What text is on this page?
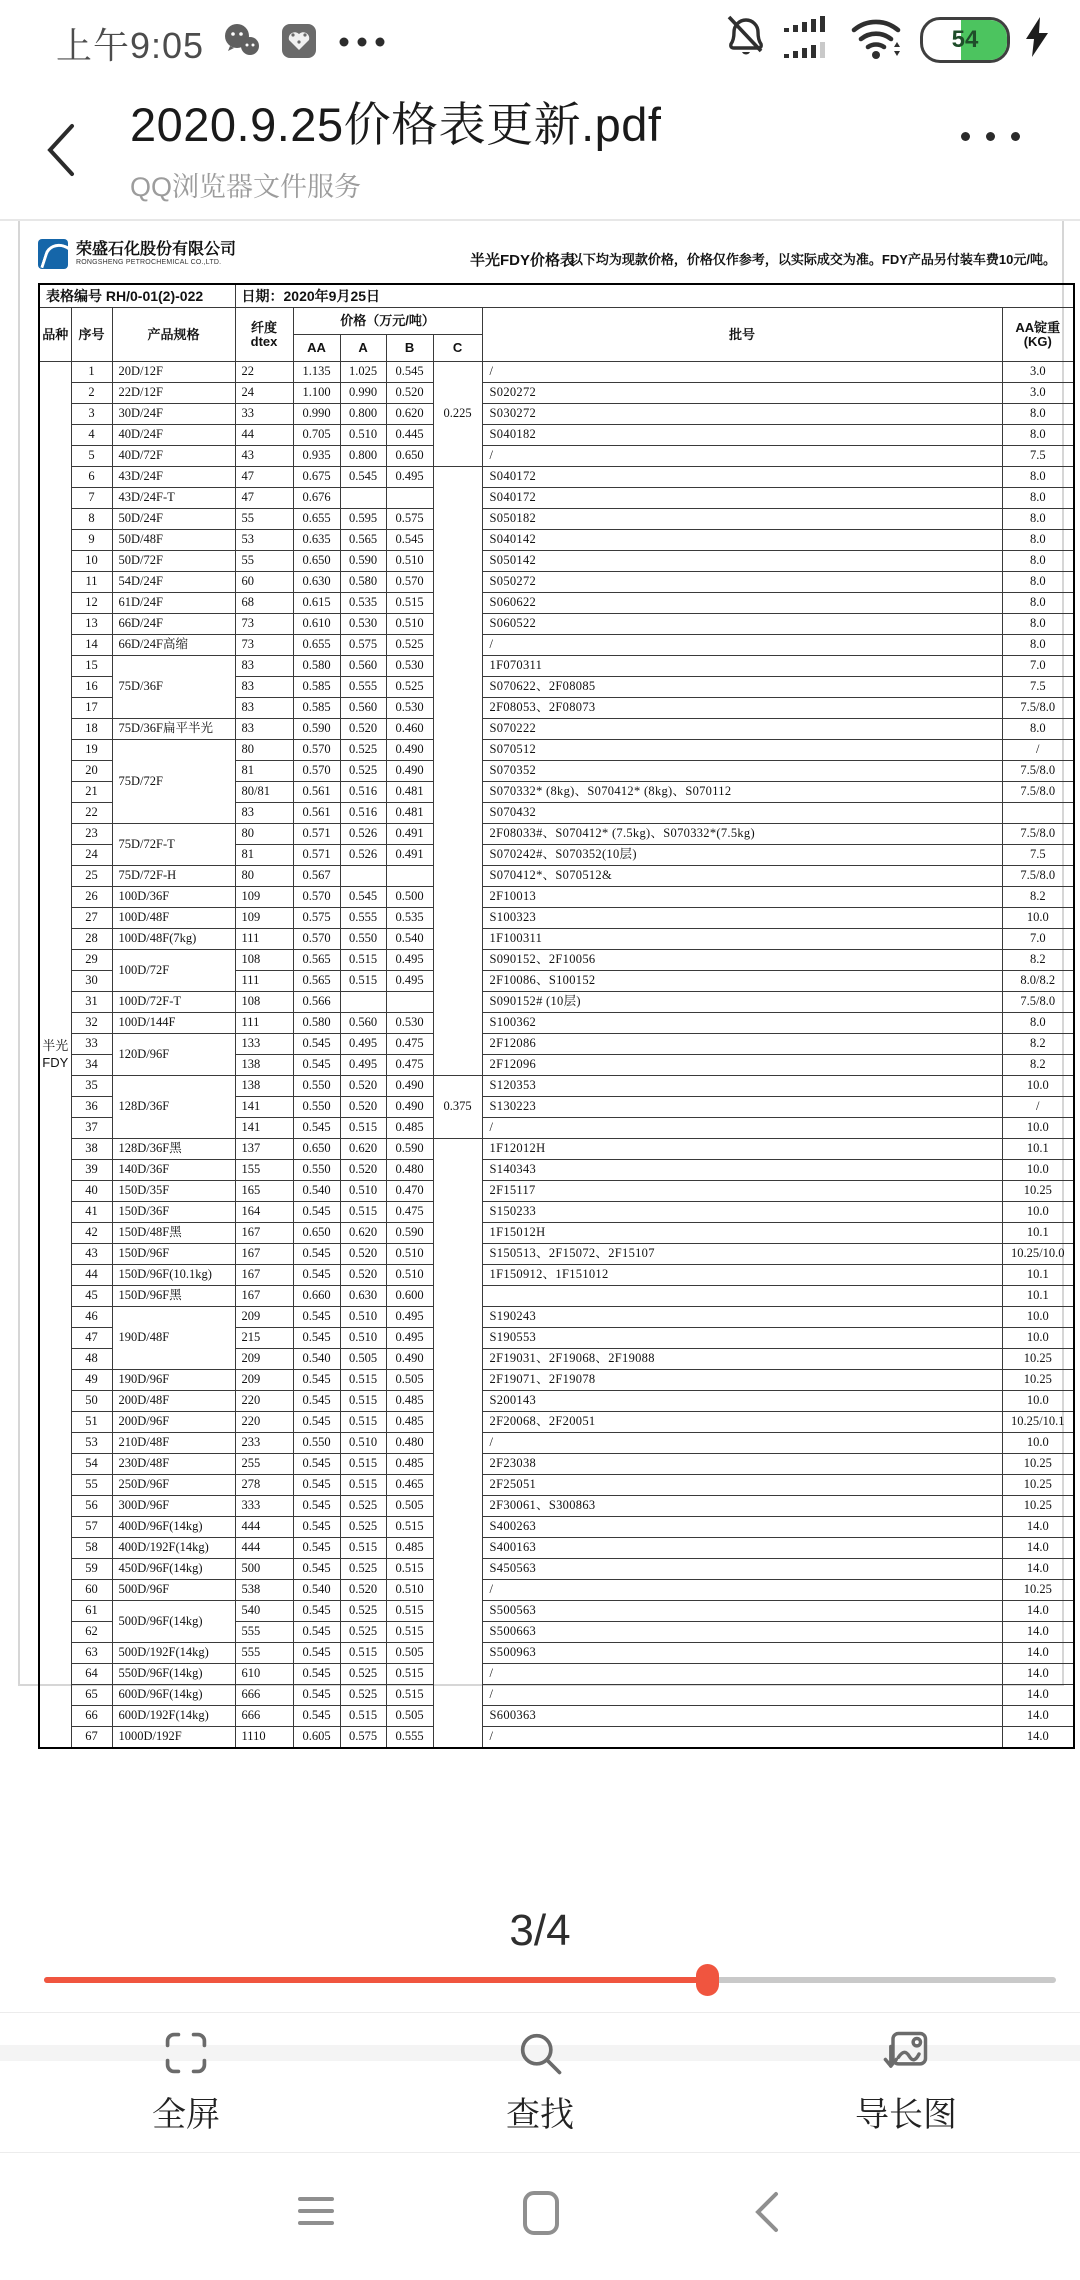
上午9:05	54
2020.9.25价格表更新.pdf
QQ浏览器文件服务
荣盛石化股份有限公司
RONGSHENG PETROCHEMICAL CO.,LTD.	半光FDY价格表
以下均为现款价格，价格仅作参考，以实际成交为准。FDY产品另付装车费10元/吨。
表格编号 RH/0-01(2)-022			日期：2020年9月25日						
品种	序号	产品规格	纤度
dtex	价格（万元/吨）				批号	AA锭重
(KG)
				AA	A	B	C		
半光
FDY	1	20D/12F	22	1.135	1.025	0.545	0.225	/	3.0
	2	22D/12F	24	1.100	0.990	0.520		S020272	3.0
	3	30D/24F	33	0.990	0.800	0.620		S030272	8.0
	4	40D/24F	44	0.705	0.510	0.445		S040182	8.0
	5	40D/72F	43	0.935	0.800	0.650		/	7.5
	6	43D/24F	47	0.675	0.545	0.495		S040172	8.0
	7	43D/24F-T	47	0.676				S040172	8.0
	8	50D/24F	55	0.655	0.595	0.575		S050182	8.0
	9	50D/48F	53	0.635	0.565	0.545		S040142	8.0
	10	50D/72F	55	0.650	0.590	0.510		S050142	8.0
	11	54D/24F	60	0.630	0.580	0.570		S050272	8.0
	12	61D/24F	68	0.615	0.535	0.515		S060622	8.0
	13	66D/24F	73	0.610	0.530	0.510		S060522	8.0
	14	66D/24F高缩	73	0.655	0.575	0.525		/	8.0
	15	75D/36F	83	0.580	0.560	0.530		1F070311	7.0
	16		83	0.585	0.555	0.525		S070622、2F08085	7.5
	17		83	0.585	0.560	0.530		2F08053、2F08073	7.5/8.0
	18	75D/36F扁平半光	83	0.590	0.520	0.460		S070222	8.0
	19	75D/72F	80	0.570	0.525	0.490		S070512	/
	20		81	0.570	0.525	0.490		S070352	7.5/8.0
	21		80/81	0.561	0.516	0.481		S070332* (8kg)、S070412* (8kg)、S070112	7.5/8.0
	22		83	0.561	0.516	0.481		S070432	
	23	75D/72F-T	80	0.571	0.526	0.491		2F08033#、S070412* (7.5kg)、S070332*(7.5kg)	7.5/8.0
	24		81	0.571	0.526	0.491		S070242#、S070352(10层)	7.5
	25	75D/72F-H	80	0.567				S070412*、S070512&	7.5/8.0
	26	100D/36F	109	0.570	0.545	0.500		2F10013	8.2
	27	100D/48F	109	0.575	0.555	0.535		S100323	10.0
	28	100D/48F(7kg)	111	0.570	0.550	0.540		1F100311	7.0
	29	100D/72F	108	0.565	0.515	0.495		S090152、2F10056	8.2
	30		111	0.565	0.515	0.495		2F10086、S100152	8.0/8.2
	31	100D/72F-T	108	0.566				S090152# (10层)	7.5/8.0
	32	100D/144F	111	0.580	0.560	0.530		S100362	8.0
	33	120D/96F	133	0.545	0.495	0.475		2F12086	8.2
	34		138	0.545	0.495	0.475		2F12096	8.2
	35	128D/36F	138	0.550	0.520	0.490	0.375	S120353	10.0
	36		141	0.550	0.520	0.490		S130223	/
	37		141	0.545	0.515	0.485		/	10.0
	38	128D/36F黑	137	0.650	0.620	0.590		1F12012H	10.1
	39	140D/36F	155	0.550	0.520	0.480		S140343	10.0
	40	150D/35F	165	0.540	0.510	0.470		2F15117	10.25
	41	150D/36F	164	0.545	0.515	0.475		S150233	10.0
	42	150D/48F黑	167	0.650	0.620	0.590		1F15012H	10.1
	43	150D/96F	167	0.545	0.520	0.510		S150513、2F15072、2F15107	10.25/10.0
	44	150D/96F(10.1kg)	167	0.545	0.520	0.510		1F150912、1F151012	10.1
	45	150D/96F黑	167	0.660	0.630	0.600			10.1
	46	190D/48F	209	0.545	0.510	0.495		S190243	10.0
	47		215	0.545	0.510	0.495		S190553	10.0
	48		209	0.540	0.505	0.490		2F19031、2F19068、2F19088	10.25
	49	190D/96F	209	0.545	0.515	0.505		2F19071、2F19078	10.25
	50	200D/48F	220	0.545	0.515	0.485		S200143	10.0
	51	200D/96F	220	0.545	0.515	0.485		2F20068、2F20051	10.25/10.1
	53	210D/48F	233	0.550	0.510	0.480		/	10.0
	54	230D/48F	255	0.545	0.515	0.485		2F23038	10.25
	55	250D/96F	278	0.545	0.515	0.465		2F25051	10.25
	56	300D/96F	333	0.545	0.525	0.505		2F30061、S300863	10.25
	57	400D/96F(14kg)	444	0.545	0.525	0.515		S400263	14.0
	58	400D/192F(14kg)	444	0.545	0.515	0.485		S400163	14.0
	59	450D/96F(14kg)	500	0.545	0.525	0.515		S450563	14.0
	60	500D/96F	538	0.540	0.520	0.510		/	10.25
	61	500D/96F(14kg)	540	0.545	0.525	0.515		S500563	14.0
	62		555	0.545	0.525	0.515		S500663	14.0
	63	500D/192F(14kg)	555	0.545	0.515	0.505		S500963	14.0
	64	550D/96F(14kg)	610	0.545	0.525	0.515		/	14.0
	65	600D/96F(14kg)	666	0.545	0.525	0.515		/	14.0
	66	600D/192F(14kg)	666	0.545	0.515	0.505		S600363	14.0
	67	1000D/192F	1110	0.605	0.575	0.555		/	14.0
3/4
全屏	查找	导长图
